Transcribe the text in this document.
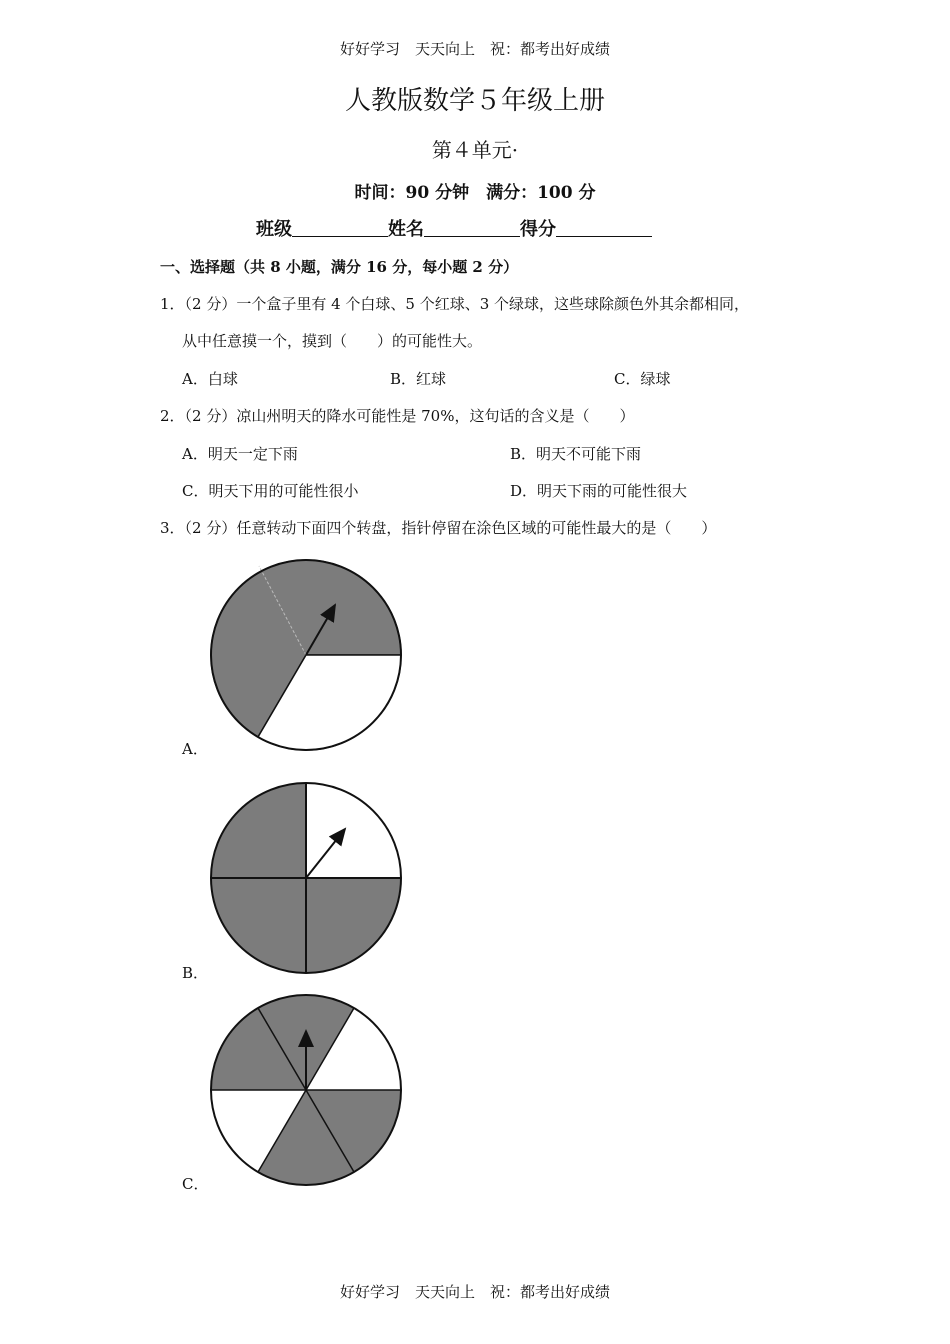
好好学习　天天向上　祝：都考出好成绩
人教版数学５年级上册
第４单元·
时间：90 分钟　满分：100 分
班级	姓名	得分
一、选择题（共 8 小题，满分 16 分，每小题 2 分）
1．（2 分）一个盒子里有 4 个白球、5 个红球、3 个绿球，这些球除颜色外其余都相同，
从中任意摸一个，摸到（　　）的可能性大。
A．白球	B．红球	C．绿球
2．（2 分）凉山州明天的降水可能性是 70%，这句话的含义是（　　）
A．明天一定下雨	B．明天不可能下雨
C．明天下用的可能性很小	D．明天下雨的可能性很大
3．（2 分）任意转动下面四个转盘，指针停留在涂色区域的可能性最大的是（　　）
A．
B．
C．
好好学习　天天向上　祝：都考出好成绩
